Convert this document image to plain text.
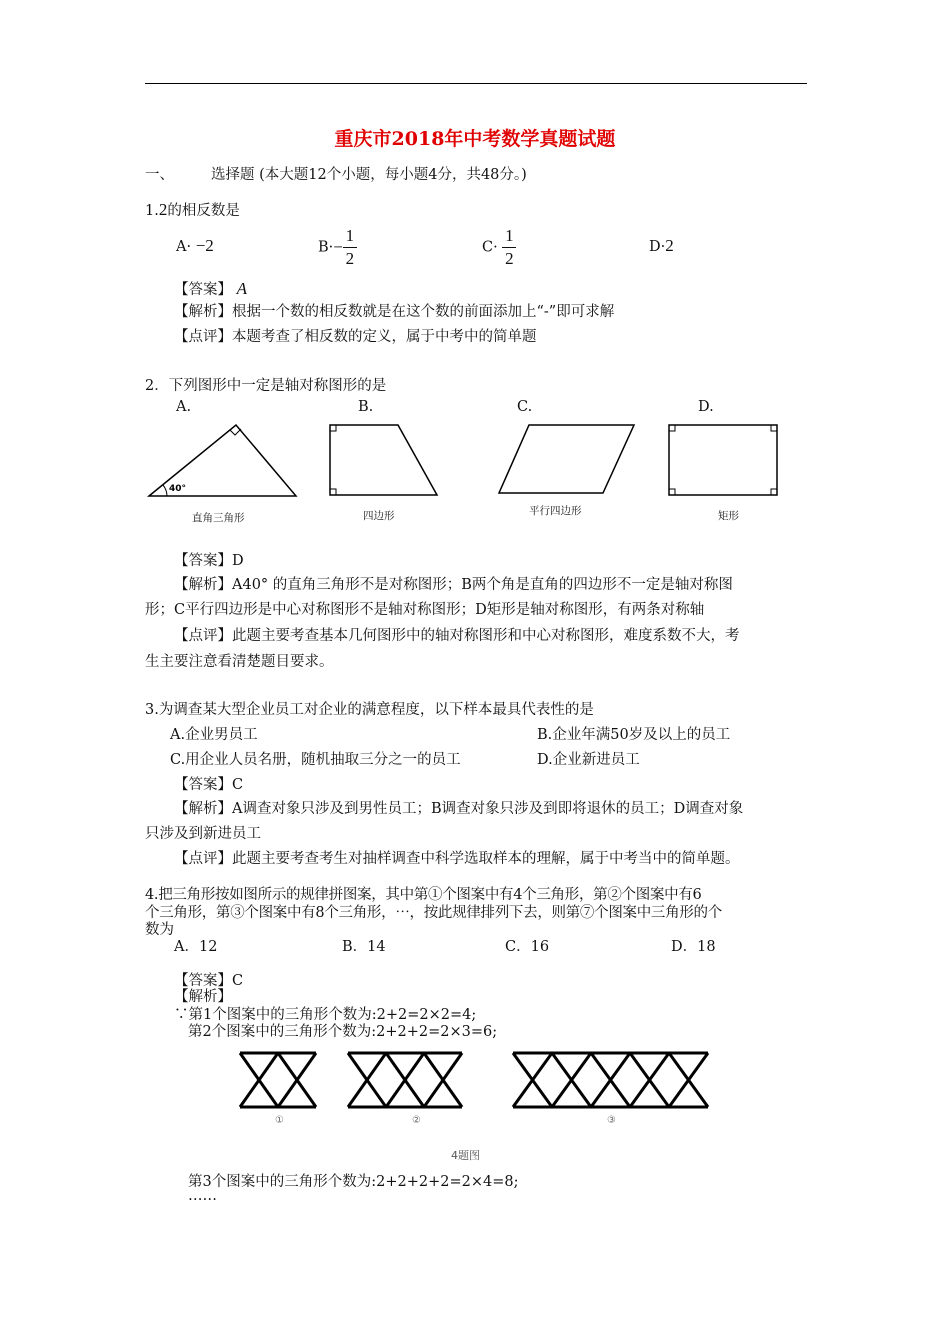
重庆市2018年中考数学真题试题
一、	选择题 (本大题12个小题，每小题4分，共48分。)
1.2的相反数是
A· −2	$B\cdot- \frac{1}{2}$	$C\cdot \frac{1}{2}$	D·2
【答案】 A
【解析】根据一个数的相反数就是在这个数的前面添加上“-”即可求解
【点评】本题考查了相反数的定义，属于中考中的简单题
2．下列图形中一定是轴对称图形的是
A.	B.	C.	D.
40°
直角三角形	四边形	平行四边形	矩形
【答案】D
【解析】A40° 的直角三角形不是对称图形；B两个角是直角的四边形不一定是轴对称图
形；C平行四边形是中心对称图形不是轴对称图形；D矩形是轴对称图形，有两条对称轴
【点评】此题主要考查基本几何图形中的轴对称图形和中心对称图形，难度系数不大，考
生主要注意看清楚题目要求。
3.为调查某大型企业员工对企业的满意程度，以下样本最具代表性的是
A.企业男员工	B.企业年满50岁及以上的员工
C.用企业人员名册，随机抽取三分之一的员工	D.企业新进员工
【答案】C
【解析】A调查对象只涉及到男性员工；B调查对象只涉及到即将退休的员工；D调查对象
只涉及到新进员工
【点评】此题主要考查考生对抽样调查中科学选取样本的理解，属于中考当中的简单题。
4.把三角形按如图所示的规律拼图案，其中第①个图案中有4个三角形，第②个图案中有6
个三角形，第③个图案中有8个三角形，⋯，按此规律排列下去，则第⑦个图案中三角形的个
数为
A．12	B．14	C．16	D．18
【答案】C
【解析】
∵第1个图案中的三角形个数为:2+2=2×2=4;
第2个图案中的三角形个数为:2+2+2=2×3=6;
①	②	③
4题图
第3个图案中的三角形个数为:2+2+2+2=2×4=8;
……
